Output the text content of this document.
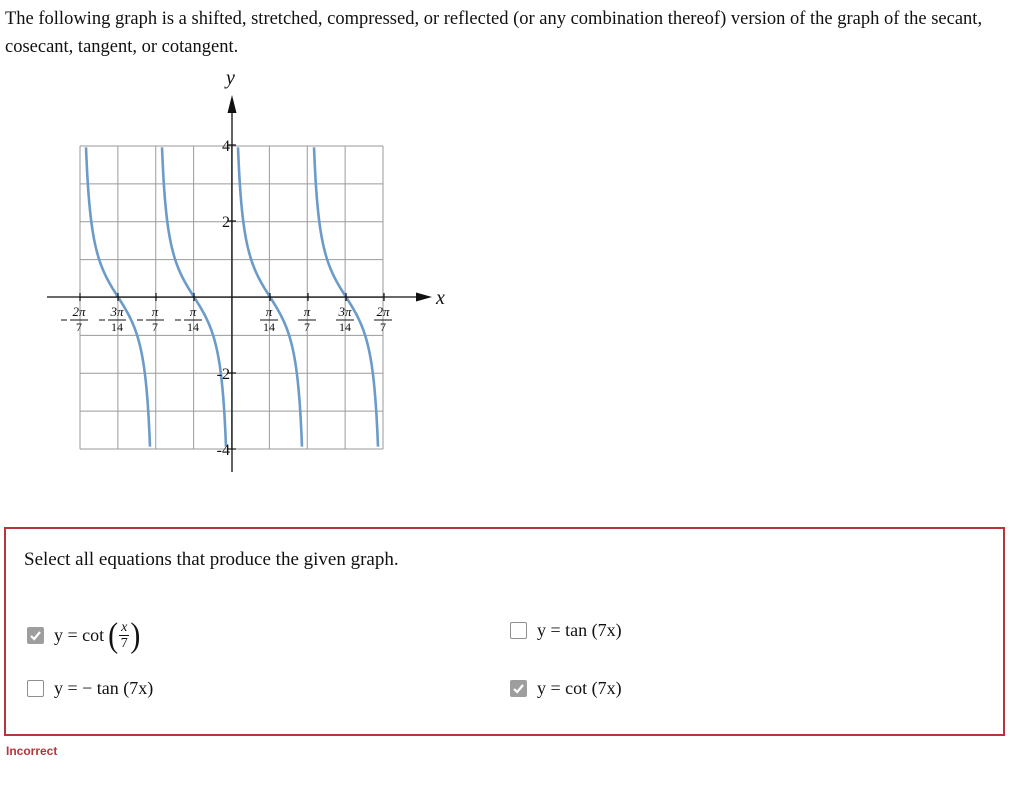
The following graph is a shifted, stretched, compressed, or reflected (or any combination thereof) version of the graph of the secant, cosecant, tangent, or cotangent.

x
y
4
2
-2
-4
2π
7
3π
14
π
7
π
14
π
14
π
7
3π
14
2π
7

Select all equations that produce the given graph.

y = cot ( $\frac{x}{7}$ )	y = tan (7x)
y = − tan (7x)	y = cot (7x)

Incorrect
